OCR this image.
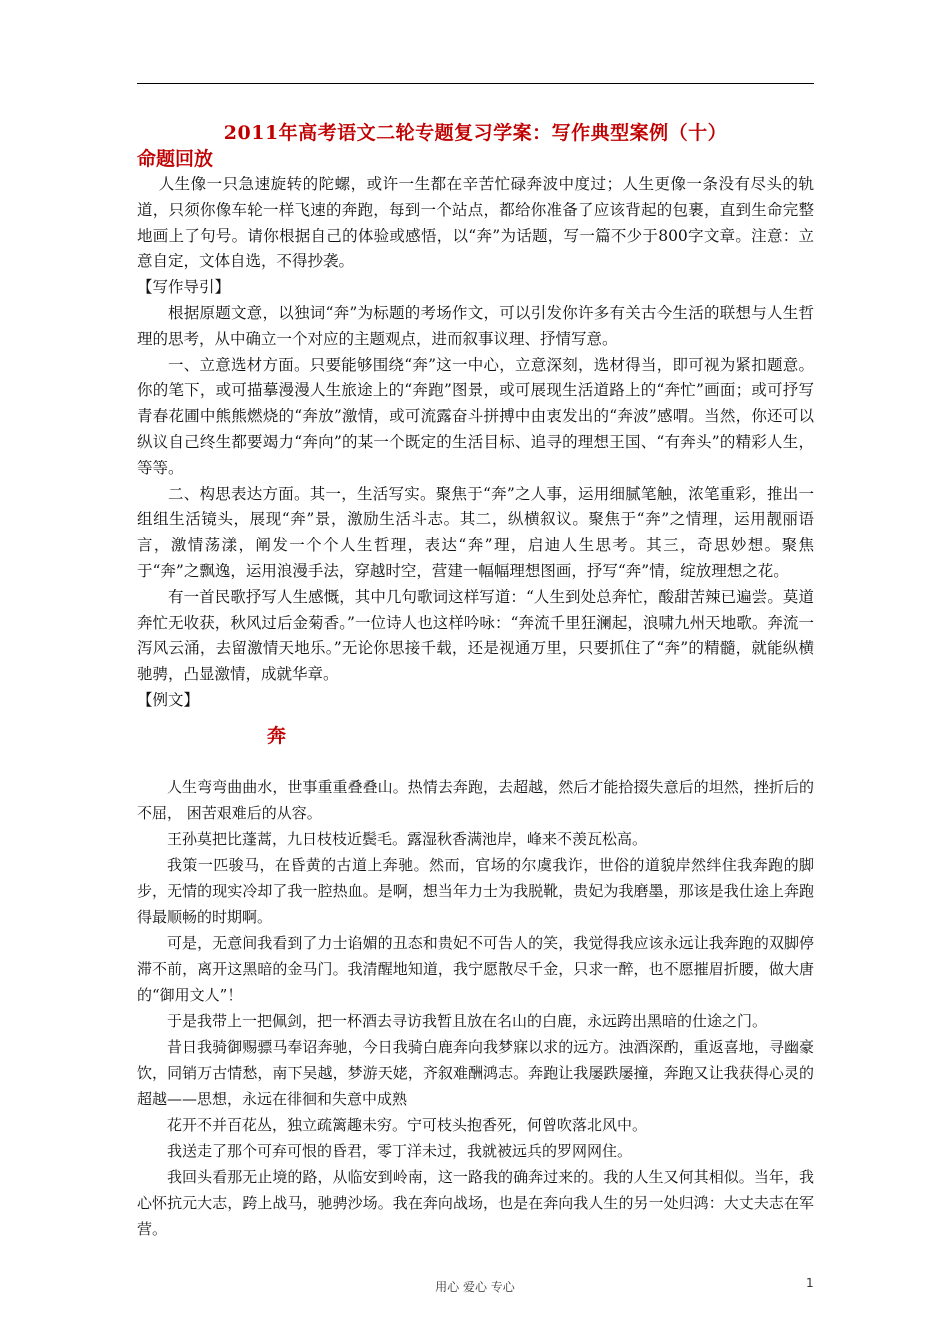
2011年高考语文二轮专题复习学案：写作典型案例（十）
命题回放

人生像一只急速旋转的陀螺，或许一生都在辛苦忙碌奔波中度过；人生更像一条没有尽头的轨道，只须你像车轮一样飞速的奔跑，每到一个站点，都给你准备了应该背起的包裹，直到生命完整地画上了句号。请你根据自己的体验或感悟，以“奔”为话题，写一篇不少于800字文章。注意：立意自定，文体自选，不得抄袭。

【写作导引】

根据原题文意，以独词“奔”为标题的考场作文，可以引发你许多有关古今生活的联想与人生哲理的思考，从中确立一个对应的主题观点，进而叙事议理、抒情写意。

一、立意选材方面。只要能够围绕“奔”这一中心，立意深刻，选材得当，即可视为紧扣题意。你的笔下，或可描摹漫漫人生旅途上的“奔跑”图景，或可展现生活道路上的“奔忙”画面；或可抒写青春花圃中熊熊燃烧的“奔放”激情，或可流露奋斗拼搏中由衷发出的“奔波”感喟。当然，你还可以纵议自己终生都要竭力“奔向”的某一个既定的生活目标、追寻的理想王国、“有奔头”的精彩人生，等等。

二、构思表达方面。其一，生活写实。聚焦于“奔”之人事，运用细腻笔触，浓笔重彩，推出一组组生活镜头，展现“奔”景，激励生活斗志。其二，纵横叙议。聚焦于“奔”之情理，运用靓丽语言，激情荡漾，阐发一个个人生哲理，表达“奔”理，启迪人生思考。其三，奇思妙想。聚焦于“奔”之飘逸，运用浪漫手法，穿越时空，营建一幅幅理想图画，抒写“奔”情，绽放理想之花。

有一首民歌抒写人生感慨，其中几句歌词这样写道：“人生到处总奔忙，酸甜苦辣已遍尝。莫道奔忙无收获，秋风过后金菊香。”一位诗人也这样吟咏：“奔流千里狂澜起，浪啸九州天地歌。奔流一泻风云涌，去留激情天地乐。”无论你思接千载，还是视通万里，只要抓住了“奔”的精髓，就能纵横驰骋，凸显激情，成就华章。

【例文】
奔

人生弯弯曲曲水，世事重重叠叠山。热情去奔跑，去超越，然后才能拾掇失意后的坦然，挫折后的不屈， 困苦艰难后的从容。

王孙莫把比蓬蒿，九日枝枝近鬓毛。露湿秋香满池岸，峰来不羡瓦松高。

我策一匹骏马，在昏黄的古道上奔驰。然而，官场的尔虞我诈，世俗的道貌岸然绊住我奔跑的脚步，无情的现实冷却了我一腔热血。是啊，想当年力士为我脱靴，贵妃为我磨墨，那该是我仕途上奔跑得最顺畅的时期啊。

可是，无意间我看到了力士谄媚的丑态和贵妃不可告人的笑，我觉得我应该永远让我奔跑的双脚停滞不前，离开这黑暗的金马门。我清醒地知道，我宁愿散尽千金，只求一醉，也不愿摧眉折腰，做大唐的“御用文人”！

于是我带上一把佩剑，把一杯酒去寻访我暂且放在名山的白鹿，永远跨出黑暗的仕途之门。

昔日我骑御赐骠马奉诏奔驰，今日我骑白鹿奔向我梦寐以求的远方。浊酒深酌，重返喜地，寻幽豪饮，同销万古情愁，南下吴越，梦游天姥，齐叙难酬鸿志。奔跑让我屡跌屡撞，奔跑又让我获得心灵的超越——思想，永远在徘徊和失意中成熟

花开不并百花丛，独立疏篱趣未穷。宁可枝头抱香死，何曾吹落北风中。

我送走了那个可弃可恨的昏君，零丁洋未过，我就被远兵的罗网网住。

我回头看那无止境的路，从临安到岭南，这一路我的确奔过来的。我的人生又何其相似。当年，我心怀抗元大志，跨上战马，驰骋沙场。我在奔向战场，也是在奔向我人生的另一处归鸿：大丈夫志在军营。

用心 爱心 专心	1
